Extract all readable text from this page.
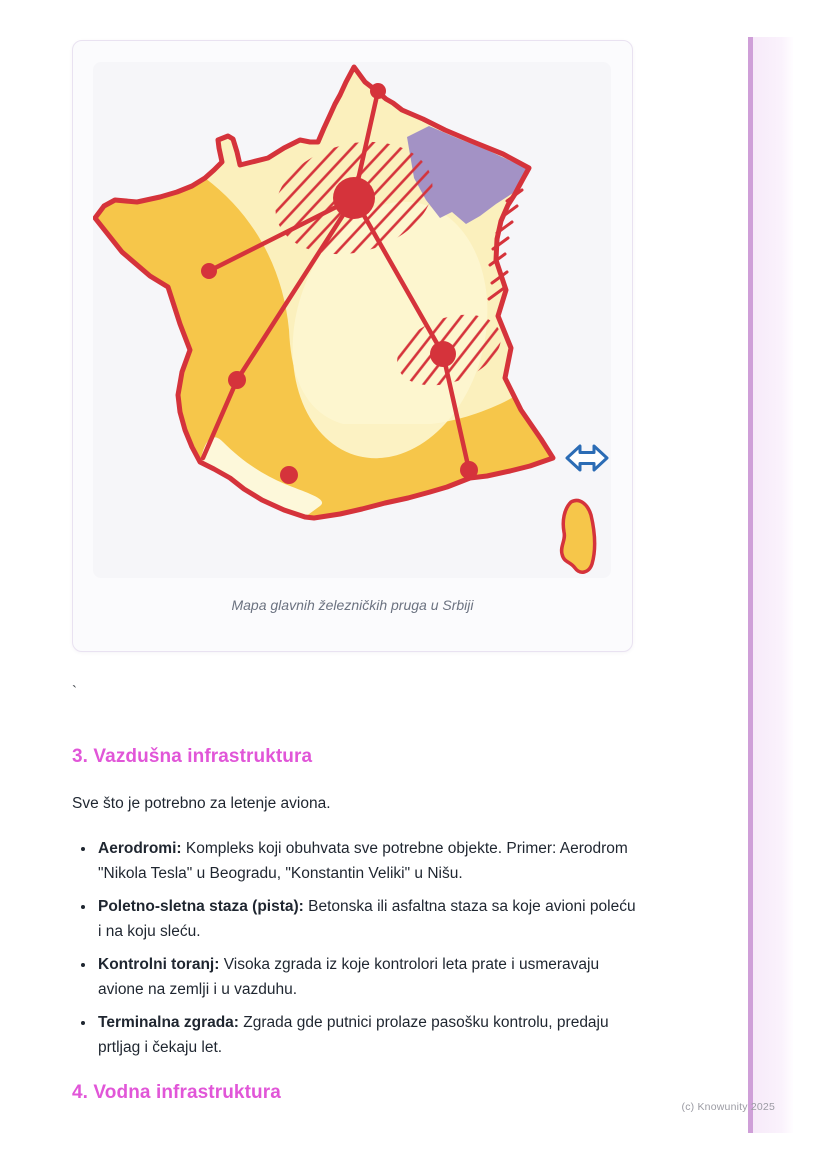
Mapa glavnih železničkih pruga u Srbiji
`
3. Vazdušna infrastruktura

Sve što je potrebno za letenje aviona.

• Aerodromi: Kompleks koji obuhvata sve potrebne objekte. Primer: Aerodrom "Nikola Tesla" u Beogradu, "Konstantin Veliki" u Nišu.
• Poletno-sletna staza (pista): Betonska ili asfaltna staza sa koje avioni poleću i na koju sleću.
• Kontrolni toranj: Visoka zgrada iz koje kontrolori leta prate i usmeravaju avione na zemlji i u vazduhu.
• Terminalna zgrada: Zgrada gde putnici prolaze pasošku kontrolu, predaju prtljag i čekaju let.
4. Vodna infrastruktura
(c) Knowunity 2025
